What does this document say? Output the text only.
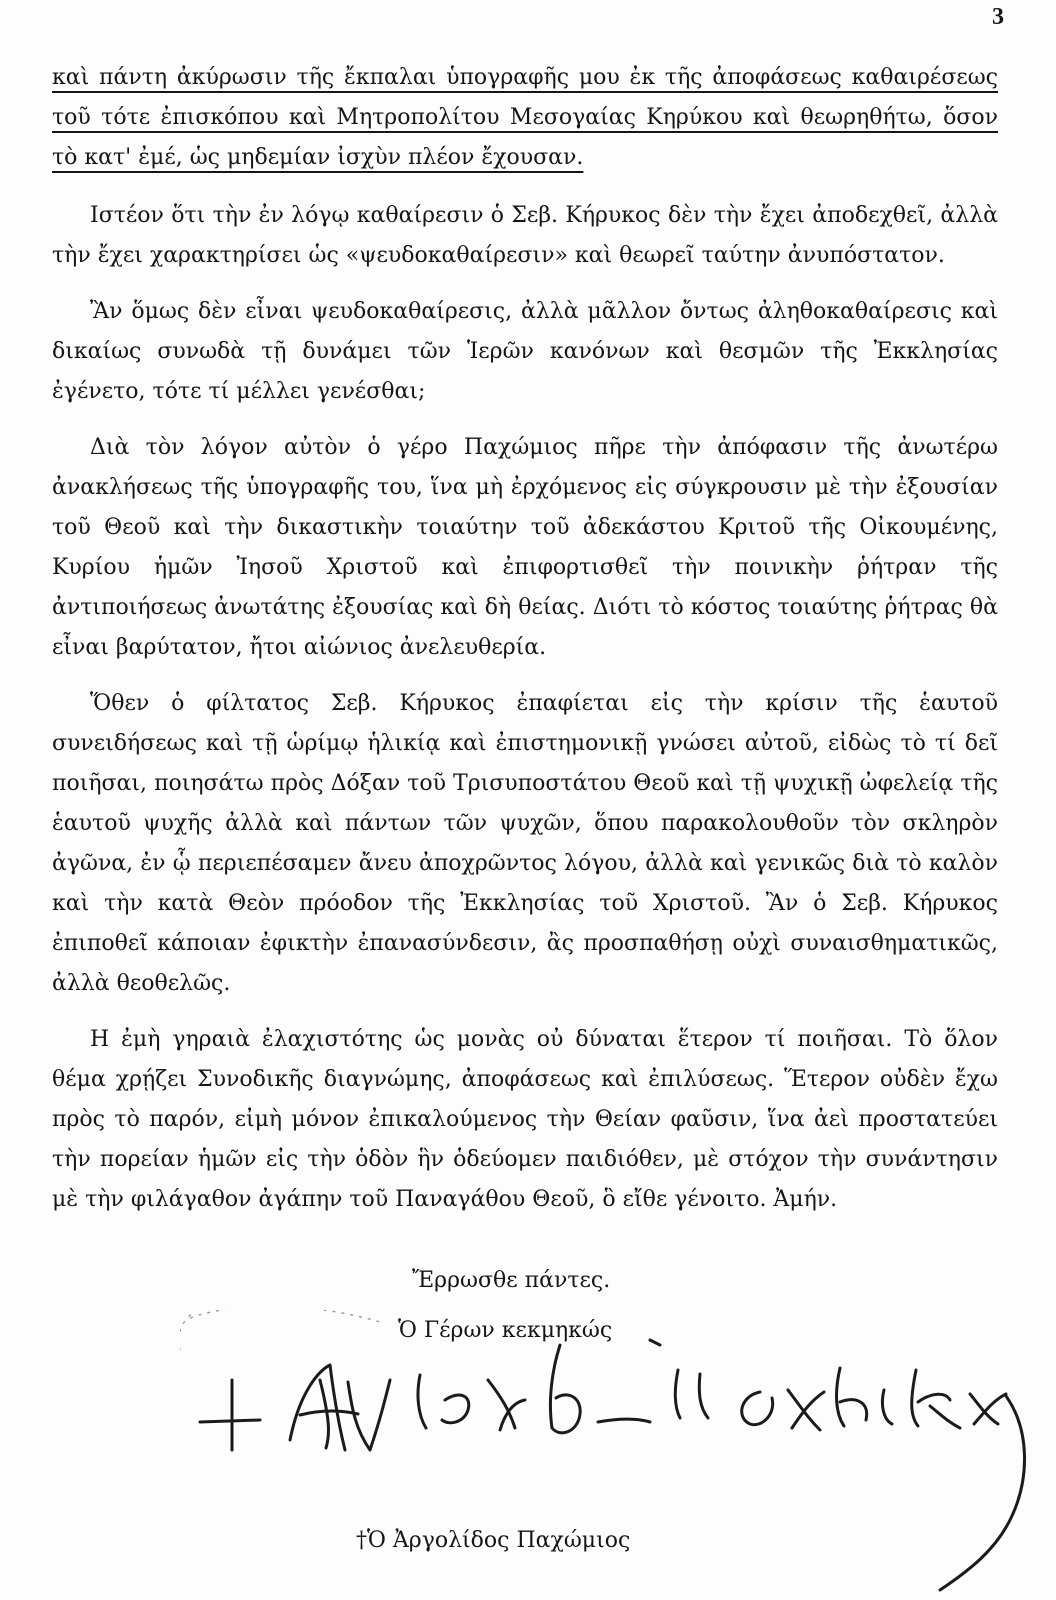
3

καὶ πάντη ἀκύρωσιν τῆς ἔκπαλαι ὑπογραφῆς μου ἐκ τῆς ἀποφάσεως καθαιρέσεως τοῦ τότε ἐπισκόπου καὶ Μητροπολίτου Μεσογαίας Κηρύκου καὶ θεωρηθήτω, ὅσον τὸ κατ' ἐμέ, ὡς μηδεμίαν ἰσχὺν πλέον ἔχουσαν.

Ιστέον ὅτι τὴν ἐν λόγῳ καθαίρεσιν ὁ Σεβ. Κήρυκος δὲν τὴν ἔχει ἀποδεχθεῖ, ἀλλὰ τὴν ἔχει χαρακτηρίσει ὡς «ψευδοκαθαίρεσιν» καὶ θεωρεῖ ταύτην ἀνυπόστατον.

Ἂν ὅμως δὲν εἶναι ψευδοκαθαίρεσις, ἀλλὰ μᾶλλον ὄντως ἀληθοκαθαίρεσις καὶ δικαίως συνωδὰ τῇ δυνάμει τῶν Ἱερῶν κανόνων καὶ θεσμῶν τῆς Ἐκκλησίας ἐγένετο, τότε τί μέλλει γενέσθαι;

Διὰ τὸν λόγον αὐτὸν ὁ γέρο Παχώμιος πῆρε τὴν ἀπόφασιν τῆς ἀνωτέρω ἀνακλήσεως τῆς ὑπογραφῆς του, ἵνα μὴ ἐρχόμενος εἰς σύγκρουσιν μὲ τὴν ἐξουσίαν τοῦ Θεοῦ καὶ τὴν δικαστικὴν τοιαύτην τοῦ ἀδεκάστου Κριτοῦ τῆς Οἰκουμένης, Κυρίου ἡμῶν Ἰησοῦ Χριστοῦ καὶ ἐπιφορτισθεῖ τὴν ποινικὴν ῥήτραν τῆς ἀντιποιήσεως ἀνωτάτης ἐξουσίας καὶ δὴ θείας. Διότι τὸ κόστος τοιαύτης ῥήτρας θὰ εἶναι βαρύτατον, ἤτοι αἰώνιος ἀνελευθερία.

Ὅθεν ὁ φίλτατος Σεβ. Κήρυκος ἐπαφίεται εἰς τὴν κρίσιν τῆς ἑαυτοῦ συνειδήσεως καὶ τῇ ὡρίμῳ ἡλικίᾳ καὶ ἐπιστημονικῇ γνώσει αὐτοῦ, εἰδὼς τὸ τί δεῖ ποιῆσαι, ποιησάτω πρὸς Δόξαν τοῦ Τρισυποστάτου Θεοῦ καὶ τῇ ψυχικῇ ὠφελείᾳ τῆς ἑαυτοῦ ψυχῆς ἀλλὰ καὶ πάντων τῶν ψυχῶν, ὅπου παρακολουθοῦν τὸν σκληρὸν ἀγῶνα, ἐν ᾧ περιεπέσαμεν ἄνευ ἀποχρῶντος λόγου, ἀλλὰ καὶ γενικῶς διὰ τὸ καλὸν καὶ τὴν κατὰ Θεὸν πρόοδον τῆς Ἐκκλησίας τοῦ Χριστοῦ. Ἂν ὁ Σεβ. Κήρυκος ἐπιποθεῖ κάποιαν ἐφικτὴν ἐπανασύνδεσιν, ἂς προσπαθήσῃ οὐχὶ συναισθηματικῶς, ἀλλὰ θεοθελῶς.

Η ἐμὴ γηραιὰ ἐλαχιστότης ὡς μονὰς οὐ δύναται ἕτερον τί ποιῆσαι. Τὸ ὅλον θέμα χρῄζει Συνοδικῆς διαγνώμης, ἀποφάσεως καὶ ἐπιλύσεως. Ἕτερον οὐδὲν ἔχω πρὸς τὸ παρόν, εἰμὴ μόνον ἐπικαλούμενος τὴν Θείαν φαῦσιν, ἵνα ἀεὶ προστατεύει τὴν πορείαν ἡμῶν εἰς τὴν ὁδὸν ἣν ὁδεύομεν παιδιόθεν, μὲ στόχον τὴν συνάντησιν μὲ τὴν φιλάγαθον ἀγάπην τοῦ Παναγάθου Θεοῦ, ὃ εἴθε γένοιτο. Ἀμήν.

Ἔρρωσθε πάντες.
Ὁ Γέρων κεκμηκώς
†Ὁ Ἀργολίδος Παχώμιος
